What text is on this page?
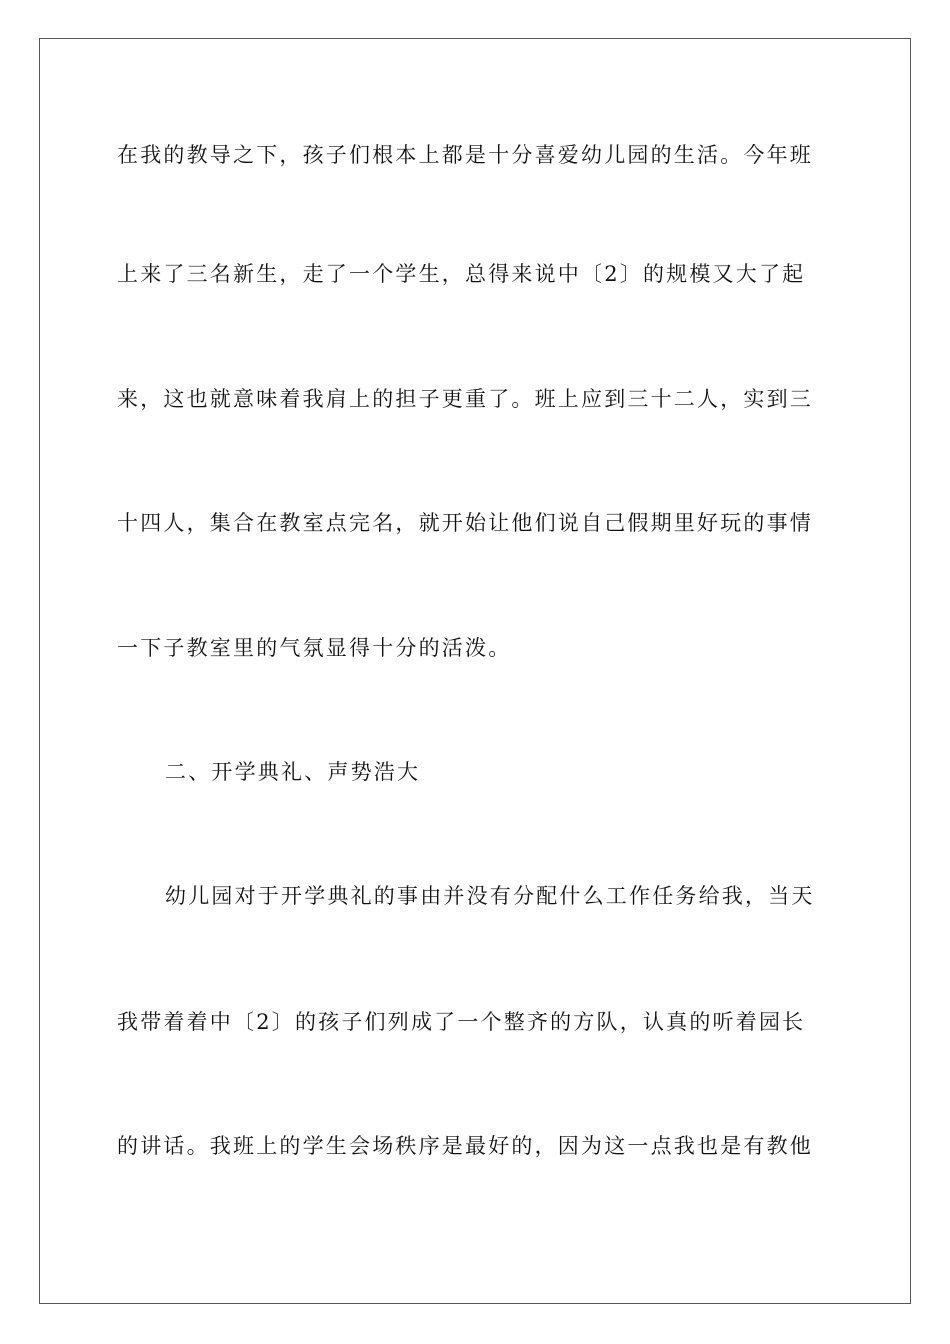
在我的教导之下，孩子们根本上都是十分喜爱幼儿园的生活。今年班
上来了三名新生，走了一个学生，总得来说中〔2〕的规模又大了起
来，这也就意味着我肩上的担子更重了。班上应到三十二人，实到三
十四人，集合在教室点完名，就开始让他们说自己假期里好玩的事情
一下子教室里的气氛显得十分的活泼。
二、开学典礼、声势浩大
幼儿园对于开学典礼的事由并没有分配什么工作任务给我，当天
我带着着中〔2〕的孩子们列成了一个整齐的方队，认真的听着园长
的讲话。我班上的学生会场秩序是最好的，因为这一点我也是有教他
